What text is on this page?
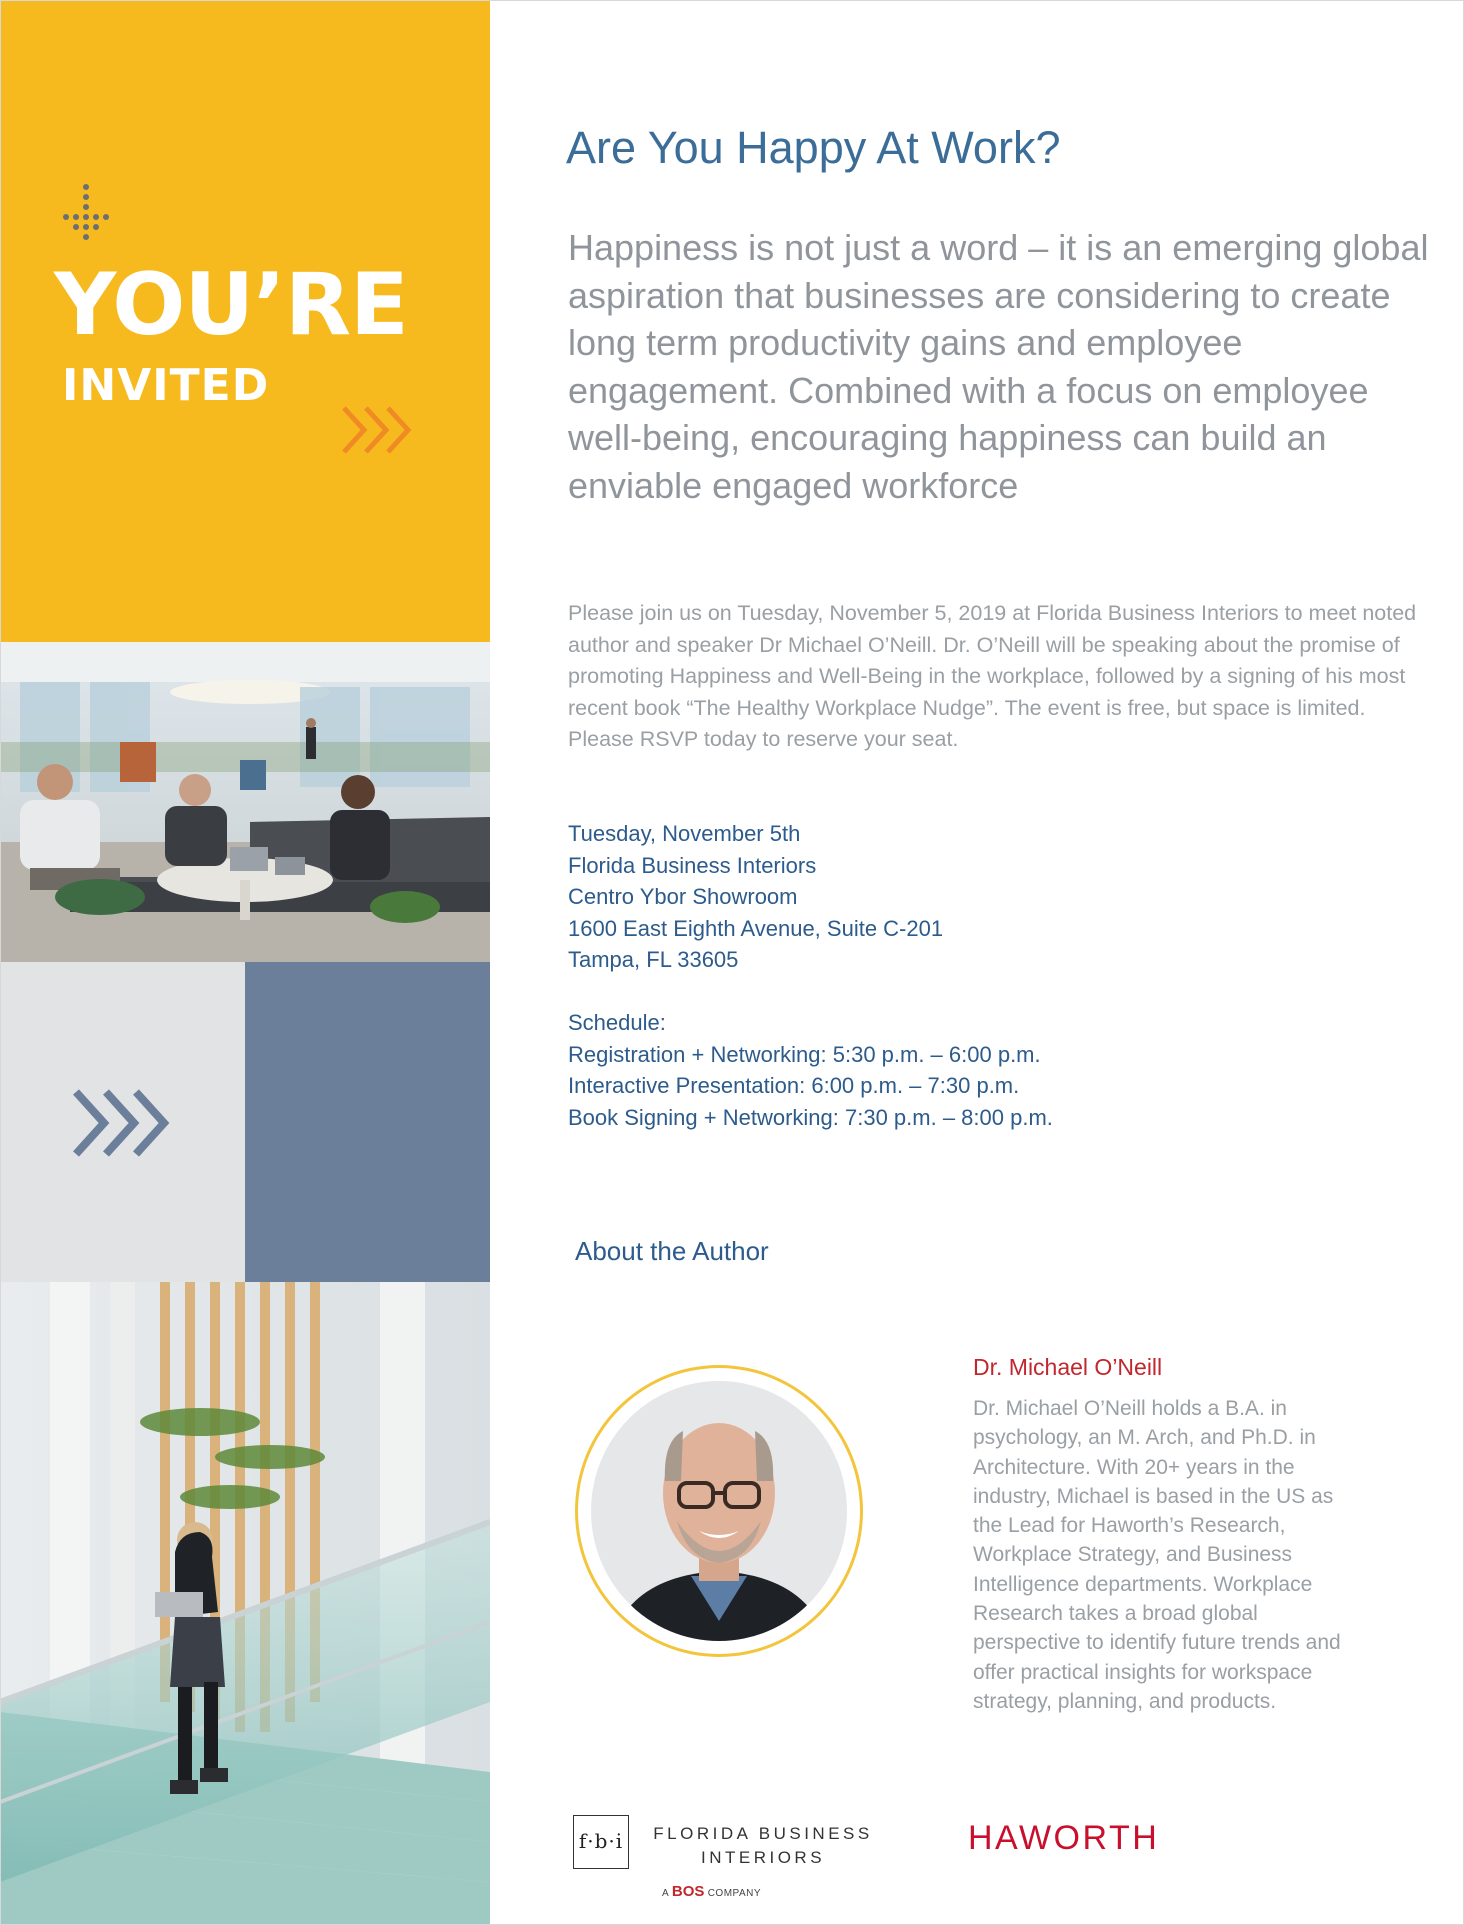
YOU’RE
INVITED
Are You Happy At Work?

Happiness is not just a word – it is an emerging global aspiration that businesses are considering to create long term productivity gains and employee engagement. Combined with a focus on employee well-being, encouraging happiness can build an enviable engaged workforce

Please join us on Tuesday, November 5, 2019 at Florida Business Interiors to meet noted author and speaker Dr Michael O’Neill. Dr. O’Neill will be speaking about the promise of promoting Happiness and Well-Being in the workplace, followed by a signing of his most recent book “The Healthy Workplace Nudge”. The event is free, but space is limited. Please RSVP today to reserve your seat.

Tuesday, November 5th
Florida Business Interiors
Centro Ybor Showroom
1600 East Eighth Avenue, Suite C-201
Tampa, FL 33605
Schedule:
Registration + Networking: 5:30 p.m. – 6:00 p.m.
Interactive Presentation: 6:00 p.m. – 7:30 p.m.
Book Signing + Networking: 7:30 p.m. – 8:00 p.m.
About the Author
Dr. Michael O’Neill

Dr. Michael O’Neill holds a B.A. in psychology, an M. Arch, and Ph.D. in Architecture. With 20+ years in the industry, Michael is based in the US as the Lead for Haworth’s Research, Workplace Strategy, and Business Intelligence departments. Workplace Research takes a broad global perspective to identify future trends and offer practical insights for workspace strategy, planning, and products.

f·b·i	FLORIDA BUSINESS INTERIORS
A BOS COMPANY
HAWORTH
